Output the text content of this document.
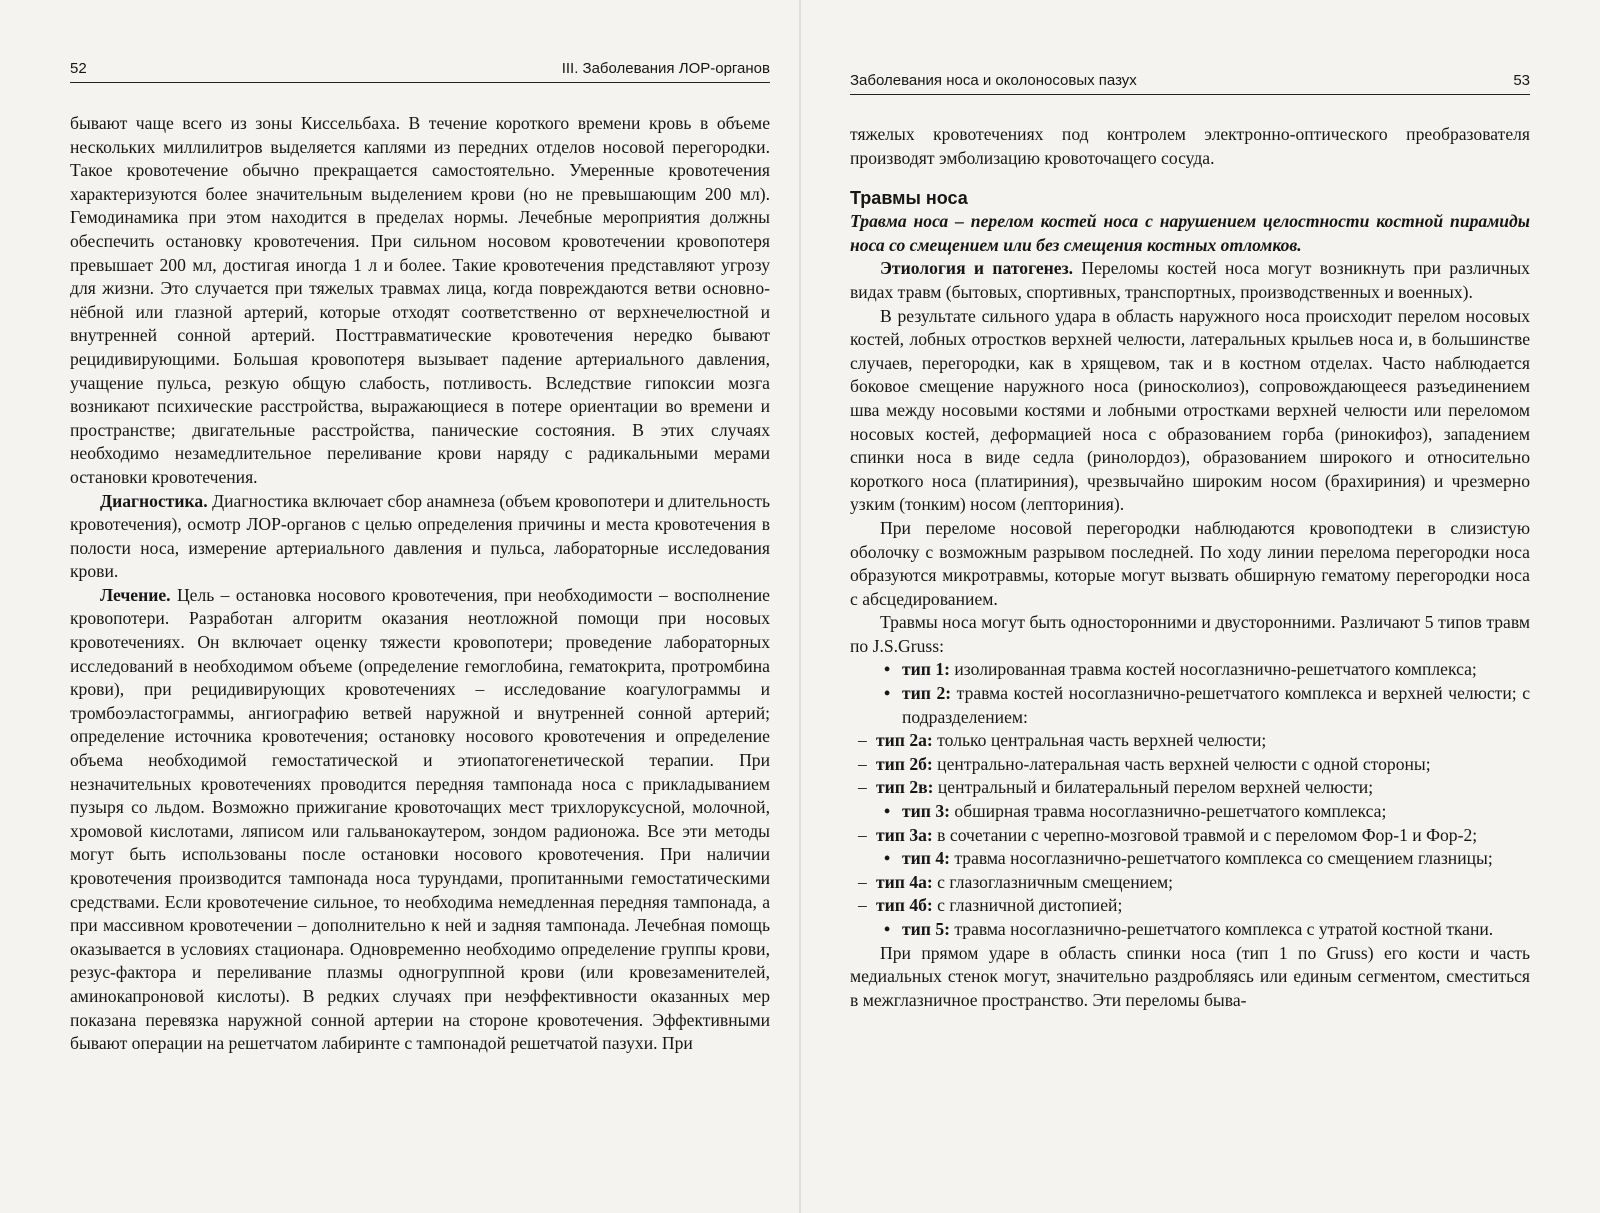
52	III. Заболевания ЛОР-органов

бывают чаще всего из зоны Киссельбаха. В течение короткого времени кровь в объеме нескольких миллилитров выделяется каплями из передних отделов носовой перегородки. Такое кровотечение обычно прекращается самостоятельно. Умеренные кровотечения характеризуются более значительным выделением крови (но не превышающим 200 мл). Гемодинамика при этом находится в пределах нормы. Лечебные мероприятия должны обеспечить остановку кровотечения. При сильном носовом кровотечении кровопотеря превышает 200 мл, достигая иногда 1 л и более. Такие кровотечения представляют угрозу для жизни. Это случается при тяжелых травмах лица, когда повреждаются ветви основно-нёбной или глазной артерий, которые отходят соответственно от верхнечелюстной и внутренней сонной артерий. Посттравматические кровотечения нередко бывают рецидивирующими. Большая кровопотеря вызывает падение артериального давления, учащение пульса, резкую общую слабость, потливость. Вследствие гипоксии мозга возникают психические расстройства, выражающиеся в потере ориентации во времени и пространстве; двигательные расстройства, панические состояния. В этих случаях необходимо незамедлительное переливание крови наряду с радикальными мерами остановки кровотечения.

Диагностика. Диагностика включает сбор анамнеза (объем кровопотери и длительность кровотечения), осмотр ЛОР-органов с целью определения причины и места кровотечения в полости носа, измерение артериального давления и пульса, лабораторные исследования крови.

Лечение. Цель – остановка носового кровотечения, при необходимости – восполнение кровопотери. Разработан алгоритм оказания неотложной помощи при носовых кровотечениях. Он включает оценку тяжести кровопотери; проведение лабораторных исследований в необходимом объеме (определение гемоглобина, гематокрита, протромбина крови), при рецидивирующих кровотечениях – исследование коагулограммы и тромбоэластограммы, ангиографию ветвей наружной и внутренней сонной артерий; определение источника кровотечения; остановку носового кровотечения и определение объема необходимой гемостатической и этиопатогенетической терапии. При незначительных кровотечениях проводится передняя тампонада носа с прикладыванием пузыря со льдом. Возможно прижигание кровоточащих мест трихлоруксусной, молочной, хромовой кислотами, ляписом или гальванокаутером, зондом радионожа. Все эти методы могут быть использованы после остановки носового кровотечения. При наличии кровотечения производится тампонада носа турундами, пропитанными гемостатическими средствами. Если кровотечение сильное, то необходима немедленная передняя тампонада, а при массивном кровотечении – дополнительно к ней и задняя тампонада. Лечебная помощь оказывается в условиях стационара. Одновременно необходимо определение группы крови, резус-фактора и переливание плазмы одногруппной крови (или кровезаменителей, аминокапроновой кислоты). В редких случаях при неэффективности оказанных мер показана перевязка наружной сонной артерии на стороне кровотечения. Эффективными бывают операции на решетчатом лабиринте с тампонадой решетчатой пазухи. При

Заболевания носа и околоносовых пазух	53

тяжелых кровотечениях под контролем электронно-оптического преобразователя производят эмболизацию кровоточащего сосуда.

Травмы носа

Травма носа – перелом костей носа с нарушением целостности костной пирамиды носа со смещением или без смещения костных отломков.

Этиология и патогенез. Переломы костей носа могут возникнуть при различных видах травм (бытовых, спортивных, транспортных, производственных и военных).

В результате сильного удара в область наружного носа происходит перелом носовых костей, лобных отростков верхней челюсти, латеральных крыльев носа и, в большинстве случаев, перегородки, как в хрящевом, так и в костном отделах. Часто наблюдается боковое смещение наружного носа (риносколиоз), сопровождающееся разъединением шва между носовыми костями и лобными отростками верхней челюсти или переломом носовых костей, деформацией носа с образованием горба (ринокифоз), западением спинки носа в виде седла (ринолордоз), образованием широкого и относительно короткого носа (платириния), чрезвычайно широким носом (брахириния) и чрезмерно узким (тонким) носом (лепториния).

При переломе носовой перегородки наблюдаются кровоподтеки в слизистую оболочку с возможным разрывом последней. По ходу линии перелома перегородки носа образуются микротравмы, которые могут вызвать обширную гематому перегородки носа с абсцедированием.

Травмы носа могут быть односторонними и двусторонними. Различают 5 типов травм по J.S.Gruss:

• тип 1: изолированная травма костей носоглазнично-решетчатого комплекса;
• тип 2: травма костей носоглазнично-решетчатого комплекса и верхней челюсти; с подразделением:
– тип 2а: только центральная часть верхней челюсти;
– тип 2б: центрально-латеральная часть верхней челюсти с одной стороны;
– тип 2в: центральный и билатеральный перелом верхней челюсти;
• тип 3: обширная травма носоглазнично-решетчатого комплекса;
– тип 3а: в сочетании с черепно-мозговой травмой и с переломом Фор-1 и Фор-2;
• тип 4: травма носоглазнично-решетчатого комплекса со смещением глазницы;
– тип 4а: с глазоглазничным смещением;
– тип 4б: с глазничной дистопией;
• тип 5: травма носоглазнично-решетчатого комплекса с утратой костной ткани.

При прямом ударе в область спинки носа (тип 1 по Gruss) его кости и часть медиальных стенок могут, значительно раздробляясь или единым сегментом, сместиться в межглазничное пространство. Эти переломы быва-
